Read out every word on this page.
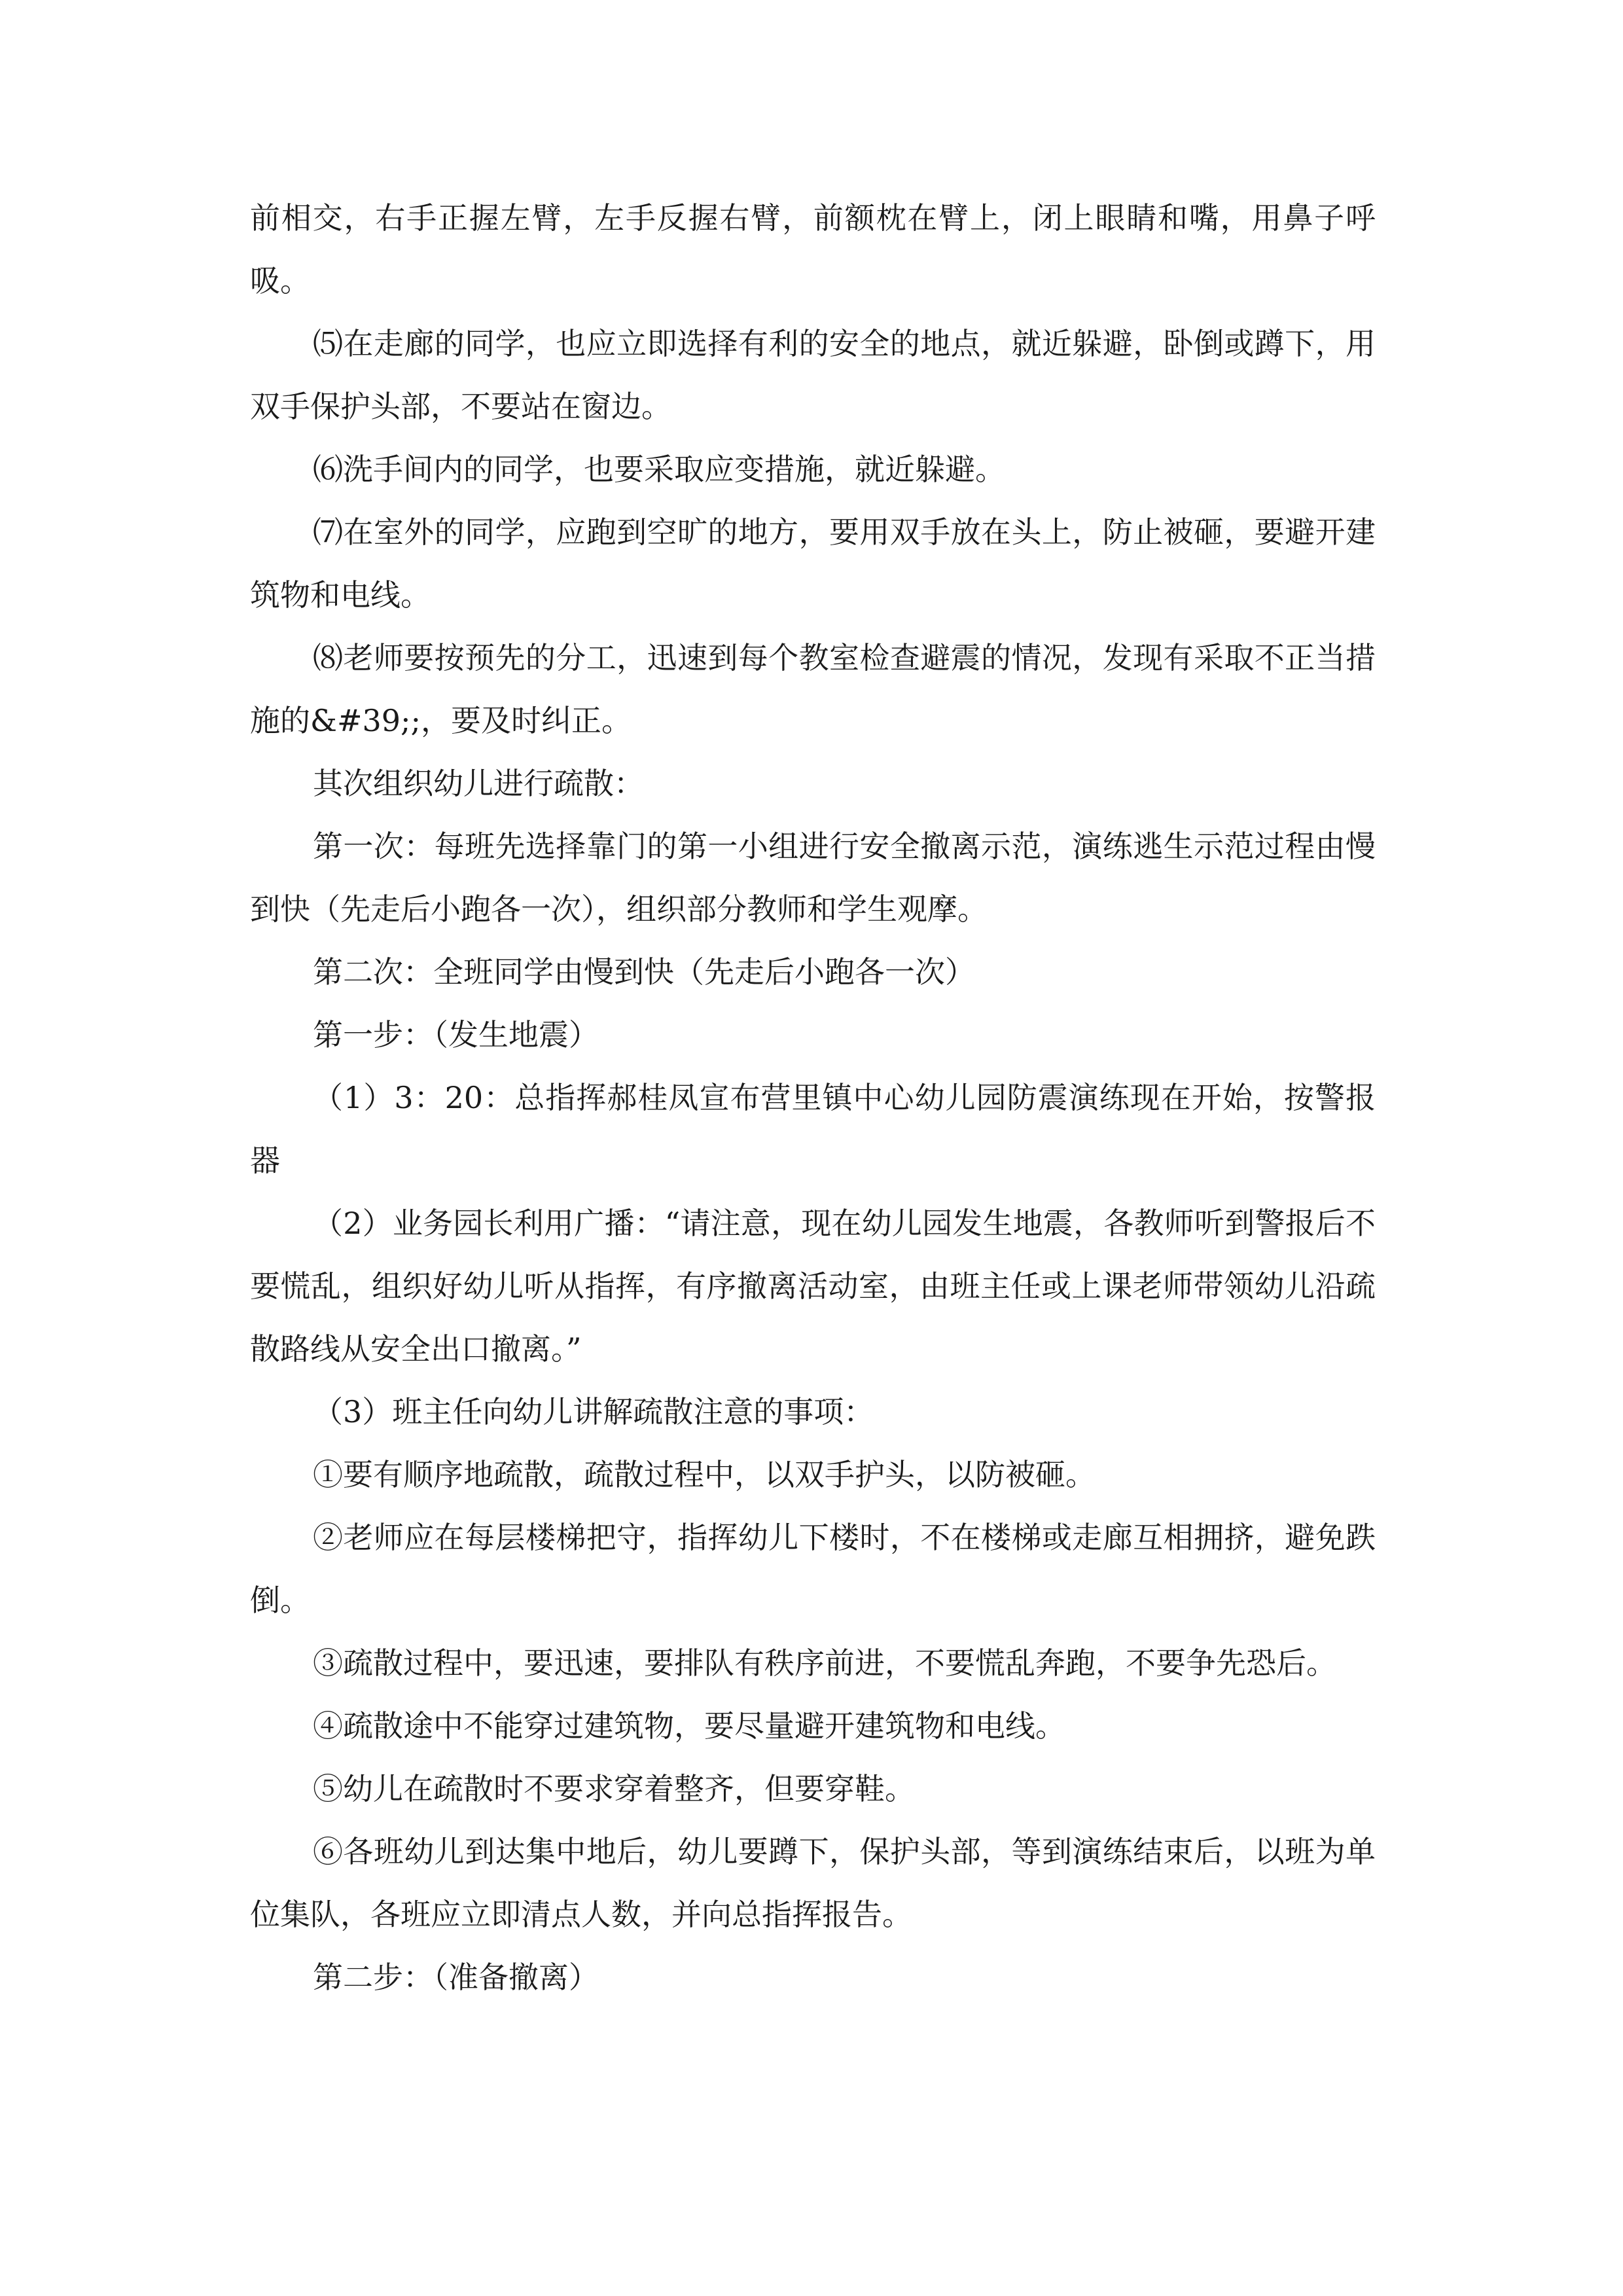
前相交，右手正握左臂，左手反握右臂，前额枕在臂上，闭上眼睛和嘴，用鼻子呼吸。

⑸在走廊的同学，也应立即选择有利的安全的地点，就近躲避，卧倒或蹲下，用双手保护头部，不要站在窗边。

⑹洗手间内的同学，也要采取应变措施，就近躲避。

⑺在室外的同学，应跑到空旷的地方，要用双手放在头上，防止被砸，要避开建筑物和电线。

⑻老师要按预先的分工，迅速到每个教室检查避震的情况，发现有采取不正当措施的&#39;;，要及时纠正。

其次组织幼儿进行疏散：

第一次：每班先选择靠门的第一小组进行安全撤离示范，演练逃生示范过程由慢到快（先走后小跑各一次），组织部分教师和学生观摩。

第二次：全班同学由慢到快（先走后小跑各一次）

第一步：（发生地震）

（1）3：20：总指挥郝桂凤宣布营里镇中心幼儿园防震演练现在开始，按警报器

（2）业务园长利用广播：“请注意，现在幼儿园发生地震，各教师听到警报后不要慌乱，组织好幼儿听从指挥，有序撤离活动室，由班主任或上课老师带领幼儿沿疏散路线从安全出口撤离。”

（3）班主任向幼儿讲解疏散注意的事项：

①要有顺序地疏散，疏散过程中，以双手护头，以防被砸。

②老师应在每层楼梯把守，指挥幼儿下楼时，不在楼梯或走廊互相拥挤，避免跌倒。

③疏散过程中，要迅速，要排队有秩序前进，不要慌乱奔跑，不要争先恐后。

④疏散途中不能穿过建筑物，要尽量避开建筑物和电线。

⑤幼儿在疏散时不要求穿着整齐，但要穿鞋。

⑥各班幼儿到达集中地后，幼儿要蹲下，保护头部，等到演练结束后，以班为单位集队，各班应立即清点人数，并向总指挥报告。

第二步：（准备撤离）
